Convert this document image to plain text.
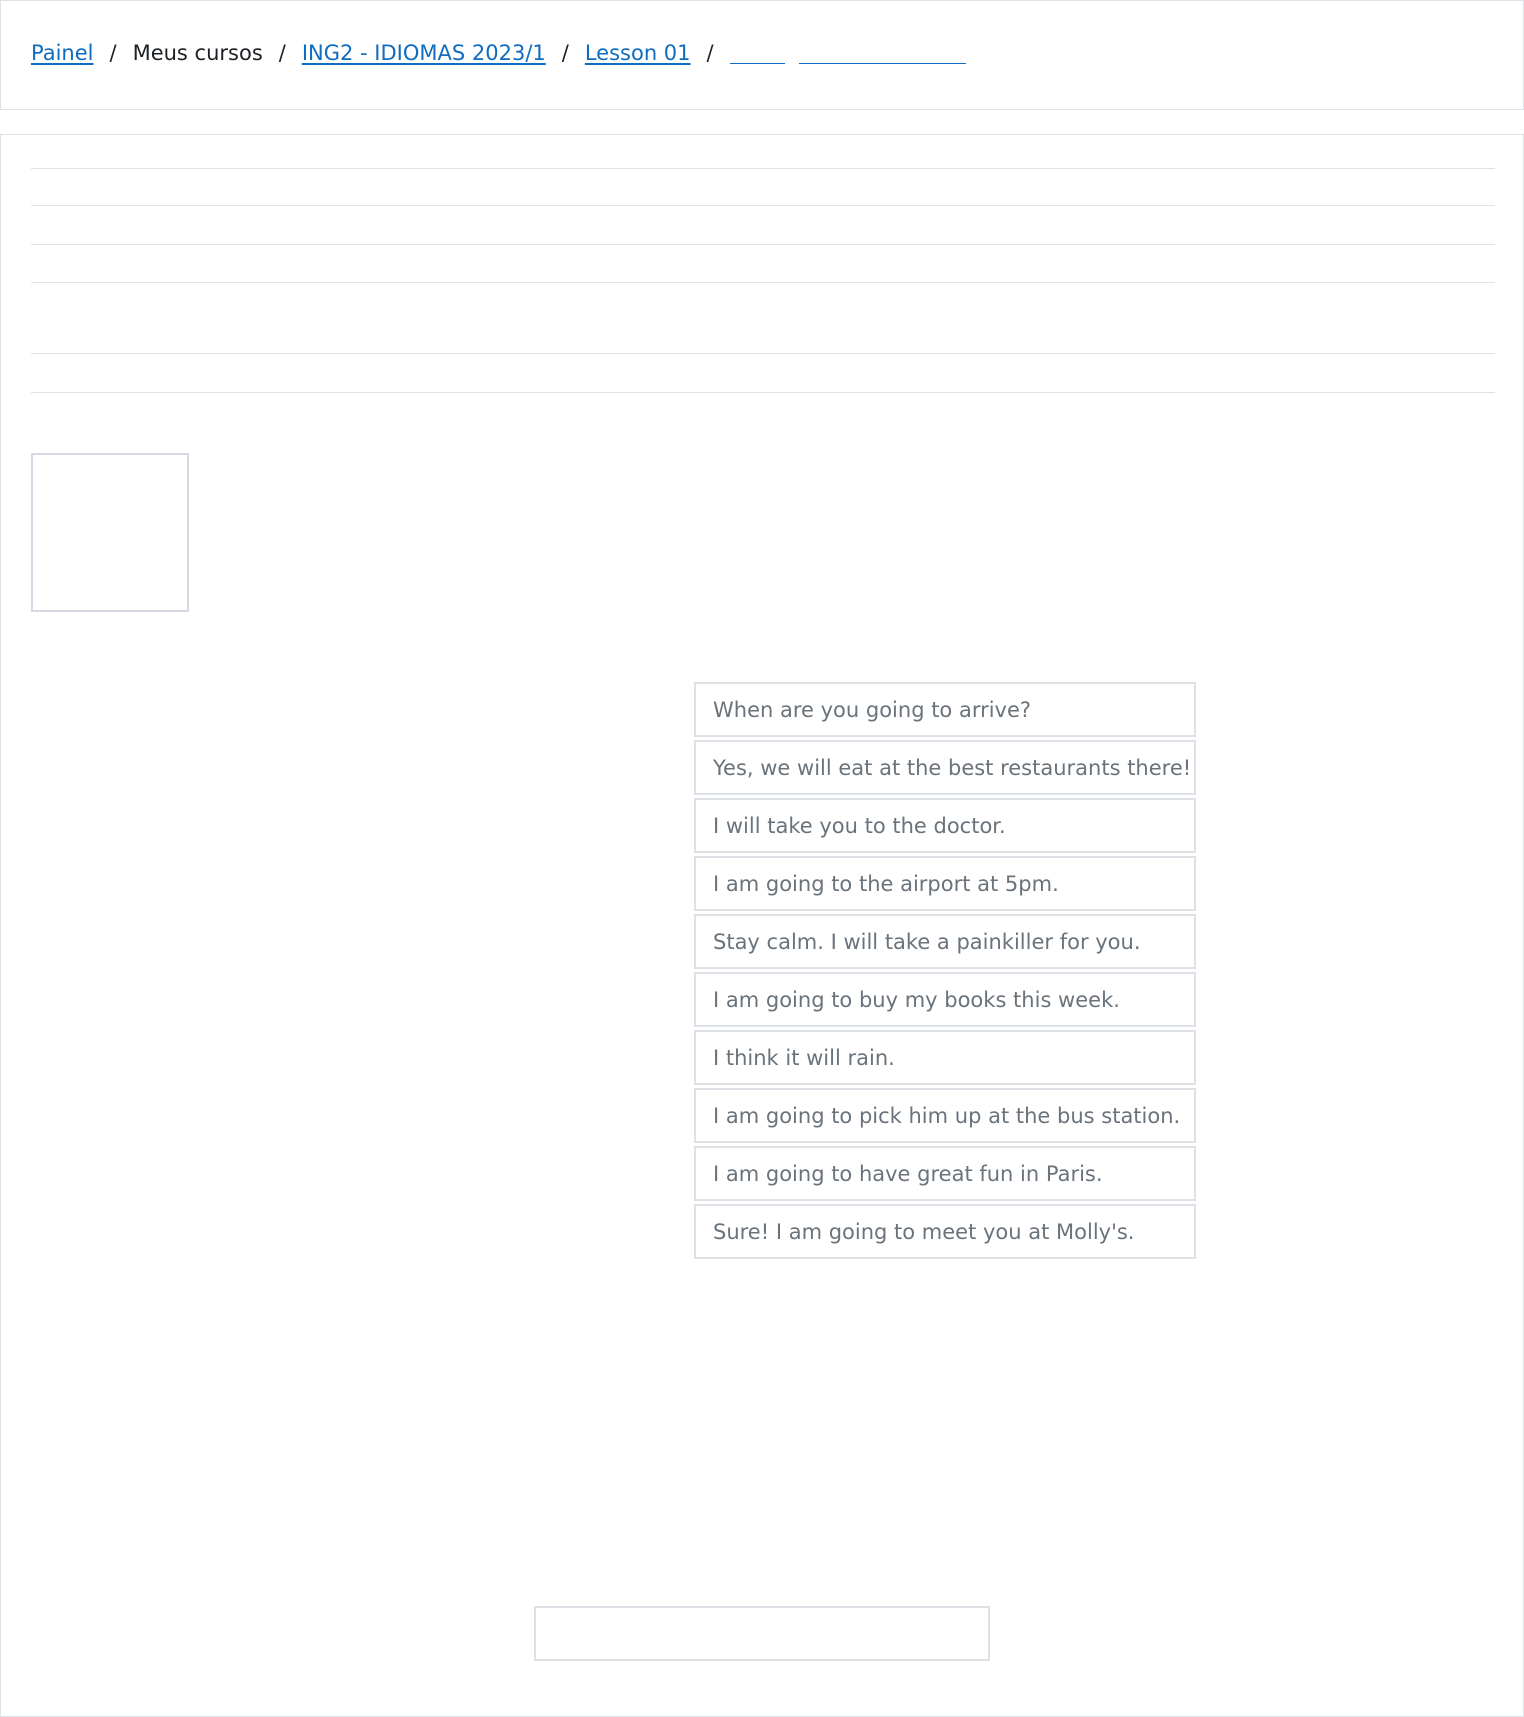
Painel / Meus cursos / ING2 - IDIOMAS 2023/1 / Lesson 01 /
When are you going to arrive?
Yes, we will eat at the best restaurants there!
I will take you to the doctor.
I am going to the airport at 5pm.
Stay calm. I will take a painkiller for you.
I am going to buy my books this week.
I think it will rain.
I am going to pick him up at the bus station.
I am going to have great fun in Paris.
Sure! I am going to meet you at Molly's.
